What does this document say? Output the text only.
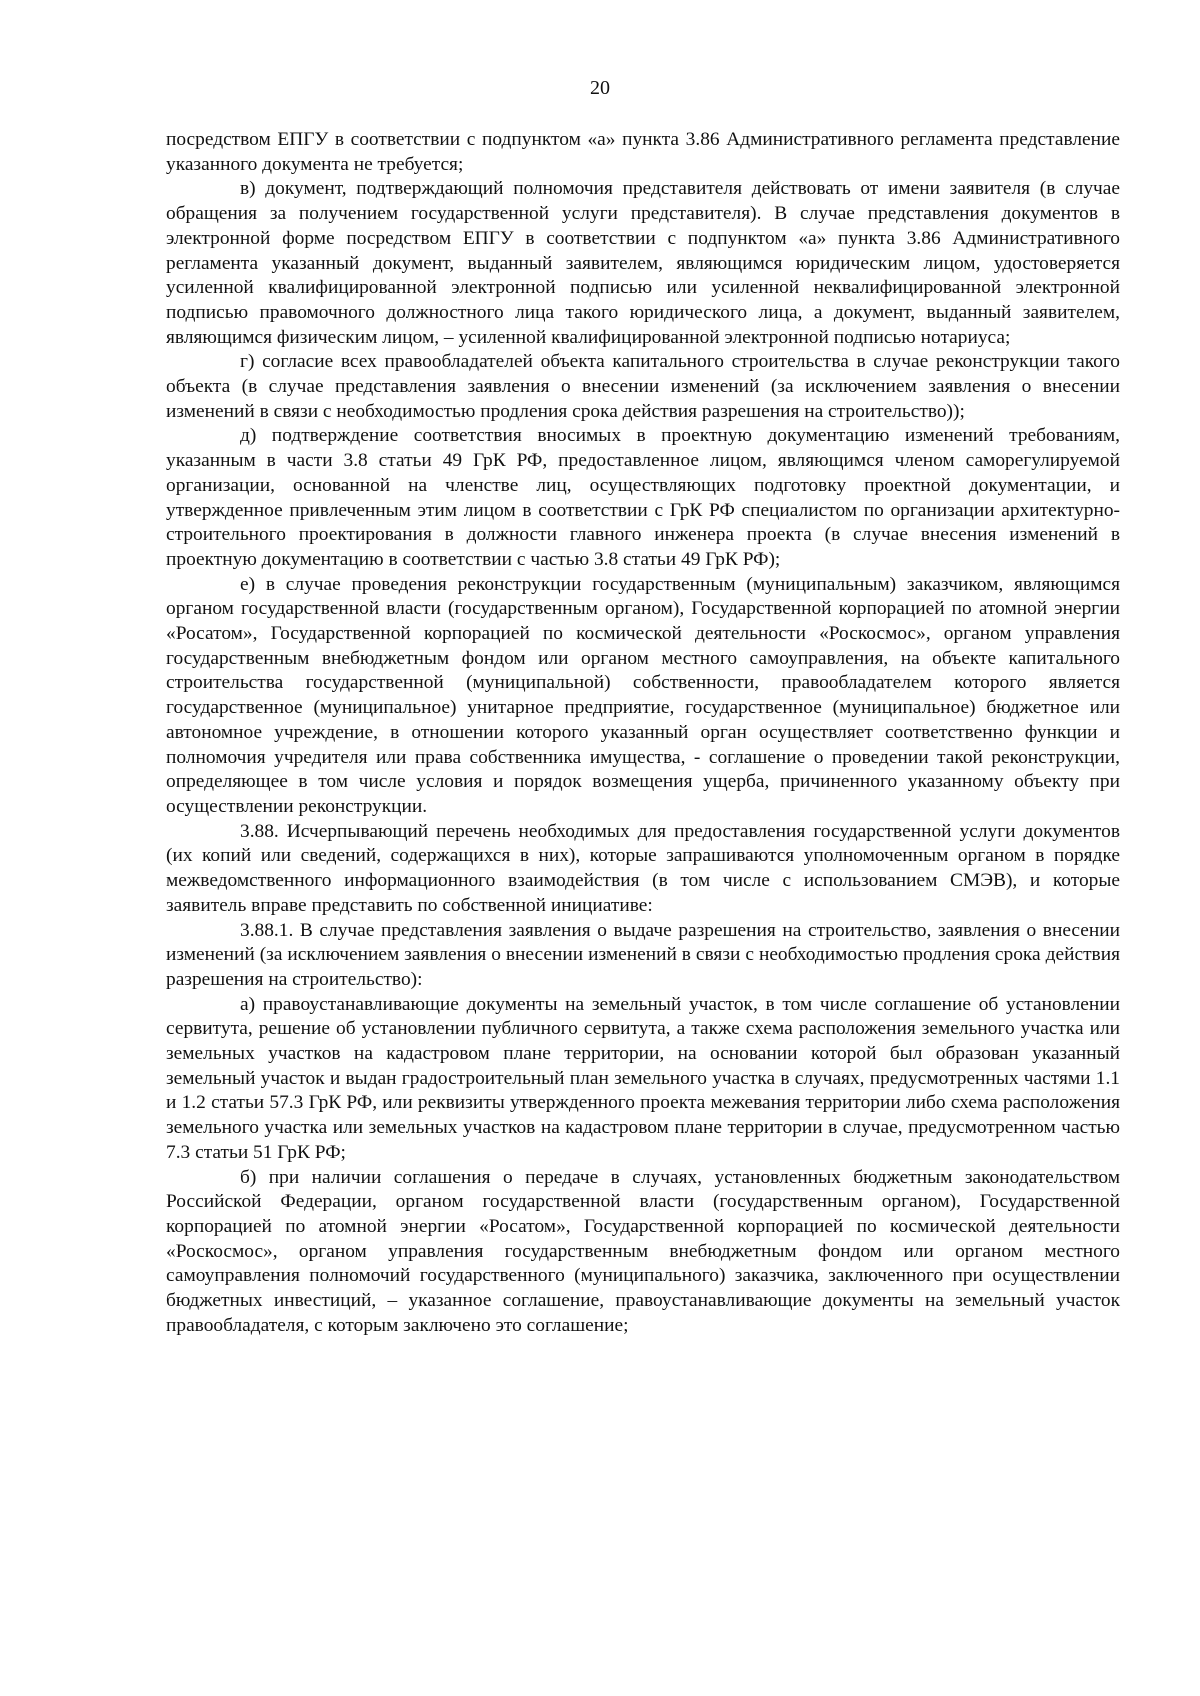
20

посредством ЕПГУ в соответствии с подпунктом «а» пункта 3.86 Административного регламента представление указанного документа не требуется;

в) документ, подтверждающий полномочия представителя действовать от имени заявителя (в случае обращения за получением государственной услуги представителя). В случае представления документов в электронной форме посредством ЕПГУ в соответствии с подпунктом «а» пункта 3.86 Административного регламента указанный документ, выданный заявителем, являющимся юридическим лицом, удостоверяется усиленной квалифицированной электронной подписью или усиленной неквалифицированной электронной подписью правомочного должностного лица такого юридического лица, а документ, выданный заявителем, являющимся физическим лицом, – усиленной квалифицированной электронной подписью нотариуса;

г) согласие всех правообладателей объекта капитального строительства в случае реконструкции такого объекта (в случае представления заявления о внесении изменений (за исключением заявления о внесении изменений в связи с необходимостью продления срока действия разрешения на строительство));

д) подтверждение соответствия вносимых в проектную документацию изменений требованиям, указанным в части 3.8 статьи 49 ГрК РФ, предоставленное лицом, являющимся членом саморегулируемой организации, основанной на членстве лиц, осуществляющих подготовку проектной документации, и утвержденное привлеченным этим лицом в соответствии с ГрК РФ специалистом по организации архитектурно-строительного проектирования в должности главного инженера проекта (в случае внесения изменений в проектную документацию в соответствии с частью 3.8 статьи 49 ГрК РФ);

е) в случае проведения реконструкции государственным (муниципальным) заказчиком, являющимся органом государственной власти (государственным органом), Государственной корпорацией по атомной энергии «Росатом», Государственной корпорацией по космической деятельности «Роскосмос», органом управления государственным внебюджетным фондом или органом местного самоуправления, на объекте капитального строительства государственной (муниципальной) собственности, правообладателем которого является государственное (муниципальное) унитарное предприятие, государственное (муниципальное) бюджетное или автономное учреждение, в отношении которого указанный орган осуществляет соответственно функции и полномочия учредителя или права собственника имущества, - соглашение о проведении такой реконструкции, определяющее в том числе условия и порядок возмещения ущерба, причиненного указанному объекту при осуществлении реконструкции.

3.88. Исчерпывающий перечень необходимых для предоставления государственной услуги документов (их копий или сведений, содержащихся в них), которые запрашиваются уполномоченным органом в порядке межведомственного информационного взаимодействия (в том числе с использованием СМЭВ), и которые заявитель вправе представить по собственной инициативе:

3.88.1. В случае представления заявления о выдаче разрешения на строительство, заявления о внесении изменений (за исключением заявления о внесении изменений в связи с необходимостью продления срока действия разрешения на строительство):

а) правоустанавливающие документы на земельный участок, в том числе соглашение об установлении сервитута, решение об установлении публичного сервитута, а также схема расположения земельного участка или земельных участков на кадастровом плане территории, на основании которой был образован указанный земельный участок и выдан градостроительный план земельного участка в случаях, предусмотренных частями 1.1 и 1.2 статьи 57.3 ГрК РФ, или реквизиты утвержденного проекта межевания территории либо схема расположения земельного участка или земельных участков на кадастровом плане территории в случае, предусмотренном частью 7.3 статьи 51 ГрК РФ;

б) при наличии соглашения о передаче в случаях, установленных бюджетным законодательством Российской Федерации, органом государственной власти (государственным органом), Государственной корпорацией по атомной энергии «Росатом», Государственной корпорацией по космической деятельности «Роскосмос», органом управления государственным внебюджетным фондом или органом местного самоуправления полномочий государственного (муниципального) заказчика, заключенного при осуществлении бюджетных инвестиций, – указанное соглашение, правоустанавливающие документы на земельный участок правообладателя, с которым заключено это соглашение;
